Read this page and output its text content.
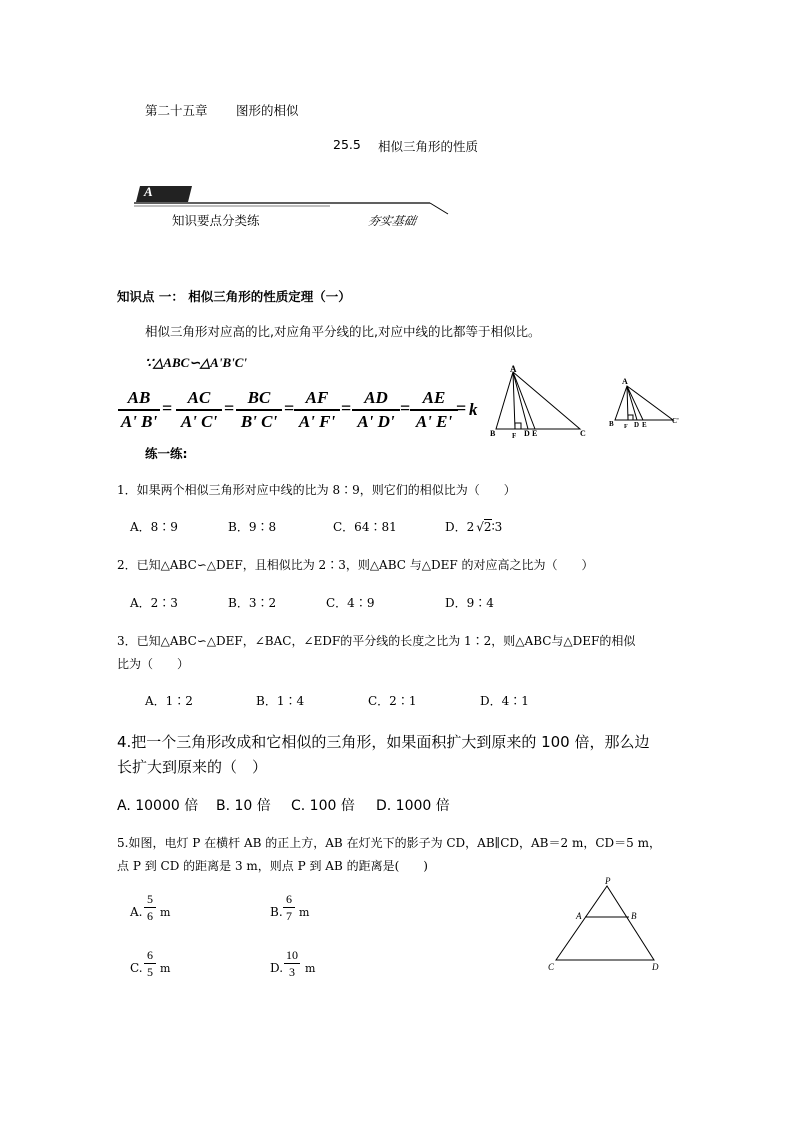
第二十五章 图形的相似
25.5 相似三角形的性质
A
知识要点分类练	夯实基础
知识点 一： 相似三角形的性质定理（一）
相似三角形对应高的比,对应角平分线的比,对应中线的比都等于相似比。
∵△ABC∽△A'B'C'
AB
A' B'
=
AC
A' C'
=
BC
B' C'
=
AF
A' F'
=
AD
A' D'
=
AE
A' E'
= k
A
B F D E	C
A
B F D E	C'
练一练:
1．如果两个相似三角形对应中线的比为 8∶9，则它们的相似比为（　　）
A．8∶9	B．9∶8	C．64∶81	D．2 √2∶3
2．已知△ABC∽△DEF，且相似比为 2∶3，则△ABC 与△DEF 的对应高之比为（　　）
A．2∶3	B．3∶2	C．4∶9	D．9∶4
3．已知△ABC∽△DEF，∠BAC，∠EDF的平分线的长度之比为 1∶2，则△ABC与△DEF的相似
比为（　　）
A．1∶2	B．1∶4	C．2∶1	D．4∶1
4.把一个三角形改成和它相似的三角形，如果面积扩大到原来的 100 倍，那么边
长扩大到原来的（　）
A. 10000 倍 B. 10 倍 C. 100 倍 D. 1000 倍
5.如图，电灯 P 在横杆 AB 的正上方，AB 在灯光下的影子为 CD，AB∥CD，AB＝2 m，CD＝5 m，
点 P 到 CD 的距离是 3 m，则点 P 到 AB 的距离是(　　)
A.
5
6 m	B.
6
7 m
C.
6
5 m	D.
10
3 m
P
A	B
C	D
